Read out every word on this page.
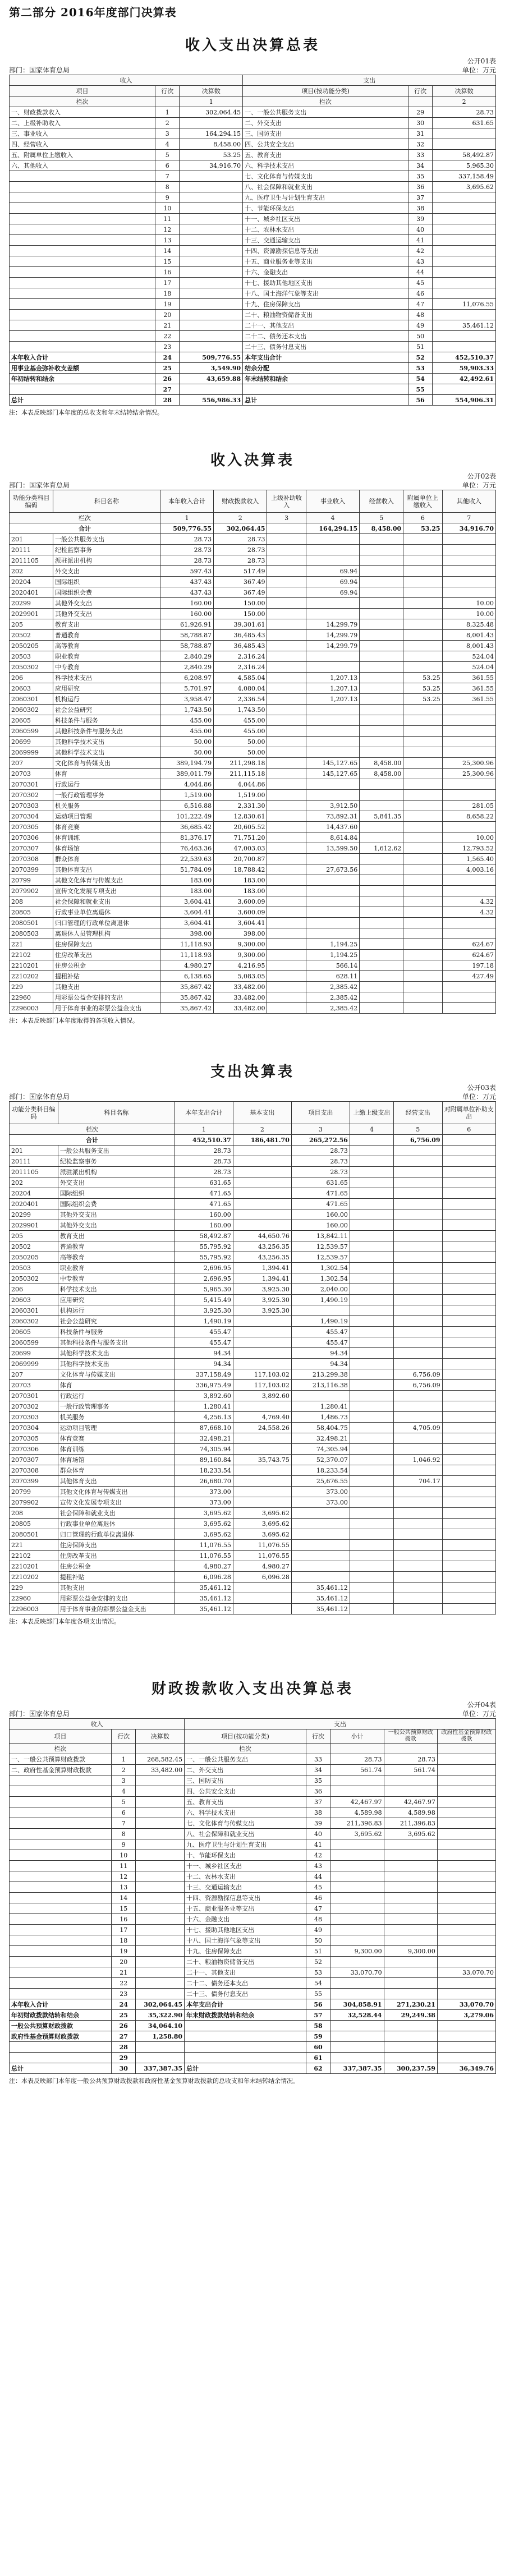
第二部分 2016年度部门决算表
收入支出决算总表
部门：国家体育总局
公开01表
单位：万元
收入			支出		
项目	行次	决算数	项目(按功能分类)	行次	决算数
栏次		1	栏次		2
一、财政拨款收入	1	302,064.45	一、一般公共服务支出	29	28.73
二、上级补助收入	2		二、外交支出	30	631.65
三、事业收入	3	164,294.15	三、国防支出	31	
四、经营收入	4	8,458.00	四、公共安全支出	32	
五、附属单位上缴收入	5	53.25	五、教育支出	33	58,492.87
六、其他收入	6	34,916.70	六、科学技术支出	34	5,965.30
	7		七、文化体育与传媒支出	35	337,158.49
	8		八、社会保障和就业支出	36	3,695.62
	9		九、医疗卫生与计划生育支出	37	
	10		十、节能环保支出	38	
	11		十一、城乡社区支出	39	
	12		十二、农林水支出	40	
	13		十三、交通运输支出	41	
	14		十四、资源勘探信息等支出	42	
	15		十五、商业服务业等支出	43	
	16		十六、金融支出	44	
	17		十七、援助其他地区支出	45	
	18		十八、国土海洋气象等支出	46	
	19		十九、住房保障支出	47	11,076.55
	20		二十、粮油物资储备支出	48	
	21		二十一、其他支出	49	35,461.12
	22		二十二、债务还本支出	50	
	23		二十三、债务付息支出	51	
本年收入合计	24	509,776.55	本年支出合计	52	452,510.37
用事业基金弥补收支差额	25	3,549.90	结余分配	53	59,903.33
年初结转和结余	26	43,659.88	年末结转和结余	54	42,492.61
	27			55	
总计	28	556,986.33	总计	56	554,906.31
注：本表反映部门本年度的总收支和年末结转结余情况。
收入决算表
部门：国家体育总局
公开02表
单位：万元
功能分类科目编码	科目名称	本年收入合计	财政拨款收入	上级补助收入	事业收入	经营收入	附属单位上缴收入	其他收入
栏次		1	2	3	4	5	6	7
合计		509,776.55	302,064.45		164,294.15	8,458.00	53.25	34,916.70
201	一般公共服务支出	28.73	28.73					
20111	纪检监察事务	28.73	28.73					
2011105	派驻派出机构	28.73	28.73					
202	外交支出	597.43	517.49		69.94			
20204	国际组织	437.43	367.49		69.94			
2020401	国际组织会费	437.43	367.49		69.94			
20299	其他外交支出	160.00	150.00					10.00
2029901	其他外交支出	160.00	150.00					10.00
205	教育支出	61,926.91	39,301.61		14,299.79			8,325.48
20502	普通教育	58,788.87	36,485.43		14,299.79			8,001.43
2050205	高等教育	58,788.87	36,485.43		14,299.79			8,001.43
20503	职业教育	2,840.29	2,316.24					524.04
2050302	中专教育	2,840.29	2,316.24					524.04
206	科学技术支出	6,208.97	4,585.04		1,207.13		53.25	361.55
20603	应用研究	5,701.97	4,080.04		1,207.13		53.25	361.55
2060301	机构运行	3,958.47	2,336.54		1,207.13		53.25	361.55
2060302	社会公益研究	1,743.50	1,743.50					
20605	科技条件与服务	455.00	455.00					
2060599	其他科技条件与服务支出	455.00	455.00					
20699	其他科学技术支出	50.00	50.00					
2069999	其他科学技术支出	50.00	50.00					
207	文化体育与传媒支出	389,194.79	211,298.18		145,127.65	8,458.00		25,300.96
20703	体育	389,011.79	211,115.18		145,127.65	8,458.00		25,300.96
2070301	行政运行	4,044.86	4,044.86					
2070302	一般行政管理事务	1,519.00	1,519.00					
2070303	机关服务	6,516.88	2,331.30		3,912.50			281.05
2070304	运动项目管理	101,222.49	12,830.61		73,892.31	5,841.35		8,658.22
2070305	体育竞赛	36,685.42	20,605.52		14,437.60			
2070306	体育训练	81,376.17	71,751.20		8,614.84			10.00
2070307	体育场馆	76,463.36	47,003.03		13,599.50	1,612.62		12,793.52
2070308	群众体育	22,539.63	20,700.87					1,565.40
2070399	其他体育支出	51,784.09	18,788.42		27,673.56			4,003.16
20799	其他文化体育与传媒支出	183.00	183.00					
2079902	宣传文化发展专项支出	183.00	183.00					
208	社会保障和就业支出	3,604.41	3,600.09					4.32
20805	行政事业单位离退休	3,604.41	3,600.09					4.32
2080501	归口管理的行政单位离退休	3,604.41	3,604.41					
2080503	离退休人员管理机构	398.00	398.00					
221	住房保障支出	11,118.93	9,300.00		1,194.25			624.67
22102	住房改革支出	11,118.93	9,300.00		1,194.25			624.67
2210201	住房公积金	4,980.27	4,216.95		566.14			197.18
2210202	提租补贴	6,138.65	5,083.05		628.11			427.49
229	其他支出	35,867.42	33,482.00		2,385.42			
22960	用彩票公益金安排的支出	35,867.42	33,482.00		2,385.42			
2296003	用于体育事业的彩票公益金支出	35,867.42	33,482.00		2,385.42			
注：本表反映部门本年度取得的各项收入情况。
支出决算表
部门：国家体育总局
公开03表
单位：万元
功能分类科目编码	科目名称	本年支出合计	基本支出	项目支出	上缴上级支出	经营支出	对附属单位补助支出
栏次		1	2	3	4	5	6
合计		452,510.37	186,481.70	265,272.56		6,756.09	
201	一般公共服务支出	28.73		28.73			
20111	纪检监察事务	28.73		28.73			
2011105	派驻派出机构	28.73		28.73			
202	外交支出	631.65		631.65			
20204	国际组织	471.65		471.65			
2020401	国际组织会费	471.65		471.65			
20299	其他外交支出	160.00		160.00			
2029901	其他外交支出	160.00		160.00			
205	教育支出	58,492.87	44,650.76	13,842.11			
20502	普通教育	55,795.92	43,256.35	12,539.57			
2050205	高等教育	55,795.92	43,256.35	12,539.57			
20503	职业教育	2,696.95	1,394.41	1,302.54			
2050302	中专教育	2,696.95	1,394.41	1,302.54			
206	科学技术支出	5,965.30	3,925.30	2,040.00			
20603	应用研究	5,415.49	3,925.30	1,490.19			
2060301	机构运行	3,925.30	3,925.30				
2060302	社会公益研究	1,490.19		1,490.19			
20605	科技条件与服务	455.47		455.47			
2060599	其他科技条件与服务支出	455.47		455.47			
20699	其他科学技术支出	94.34		94.34			
2069999	其他科学技术支出	94.34		94.34			
207	文化体育与传媒支出	337,158.49	117,103.02	213,299.38		6,756.09	
20703	体育	336,975.49	117,103.02	213,116.38		6,756.09	
2070301	行政运行	3,892.60	3,892.60				
2070302	一般行政管理事务	1,280.41		1,280.41			
2070303	机关服务	4,256.13	4,769.40	1,486.73			
2070304	运动项目管理	87,668.10	24,558.26	58,404.75		4,705.09	
2070305	体育竞赛	32,498.21		32,498.21			
2070306	体育训练	74,305.94		74,305.94			
2070307	体育场馆	89,160.84	35,743.75	52,370.07		1,046.92	
2070308	群众体育	18,233.54		18,233.54			
2070399	其他体育支出	26,680.70		25,676.55		704.17	
20799	其他文化体育与传媒支出	373.00		373.00			
2079902	宣传文化发展专项支出	373.00		373.00			
208	社会保障和就业支出	3,695.62	3,695.62				
20805	行政事业单位离退休	3,695.62	3,695.62				
2080501	归口管理的行政单位离退休	3,695.62	3,695.62				
221	住房保障支出	11,076.55	11,076.55				
22102	住房改革支出	11,076.55	11,076.55				
2210201	住房公积金	4,980.27	4,980.27				
2210202	提租补贴	6,096.28	6,096.28				
229	其他支出	35,461.12		35,461.12			
22960	用彩票公益金安排的支出	35,461.12		35,461.12			
2296003	用于体育事业的彩票公益金支出	35,461.12		35,461.12			
注：本表反映部门本年度各项支出情况。
财政拨款收入支出决算总表
部门：国家体育总局
公开04表
单位：万元
收入			支出				
项目	行次	决算数	项目(按功能分类)	行次	小计	一般公共预算财政拨款	政府性基金预算财政拨款
栏次			栏次				
一、一般公共预算财政拨款	1	268,582.45	一、一般公共服务支出	33	28.73	28.73	
二、政府性基金预算财政拨款	2	33,482.00	二、外交支出	34	561.74	561.74	
	3		三、国防支出	35			
	4		四、公共安全支出	36			
	5		五、教育支出	37	42,467.97	42,467.97	
	6		六、科学技术支出	38	4,589.98	4,589.98	
	7		七、文化体育与传媒支出	39	211,396.83	211,396.83	
	8		八、社会保障和就业支出	40	3,695.62	3,695.62	
	9		九、医疗卫生与计划生育支出	41			
	10		十、节能环保支出	42			
	11		十一、城乡社区支出	43			
	12		十二、农林水支出	44			
	13		十三、交通运输支出	45			
	14		十四、资源勘探信息等支出	46			
	15		十五、商业服务业等支出	47			
	16		十六、金融支出	48			
	17		十七、援助其他地区支出	49			
	18		十八、国土海洋气象等支出	50			
	19		十九、住房保障支出	51	9,300.00	9,300.00	
	20		二十、粮油物资储备支出	52			
	21		二十一、其他支出	53	33,070.70		33,070.70
	22		二十二、债务还本支出	54			
	23		二十三、债务付息支出	55			
本年收入合计	24	302,064.45	本年支出合计	56	304,858.91	271,230.21	33,070.70
年初财政拨款结转和结余	25	35,322.90	年末财政拨款结转和结余	57	32,528.44	29,249.38	3,279.06
一般公共预算财政拨款	26	34,064.10		58			
政府性基金预算财政拨款	27	1,258.80		59			
	28			60			
	29			61			
总计	30	337,387.35	总计	62	337,387.35	300,237.59	36,349.76
注：本表反映部门本年度一般公共预算财政拨款和政府性基金预算财政拨款的总收支和年末结转结余情况。
